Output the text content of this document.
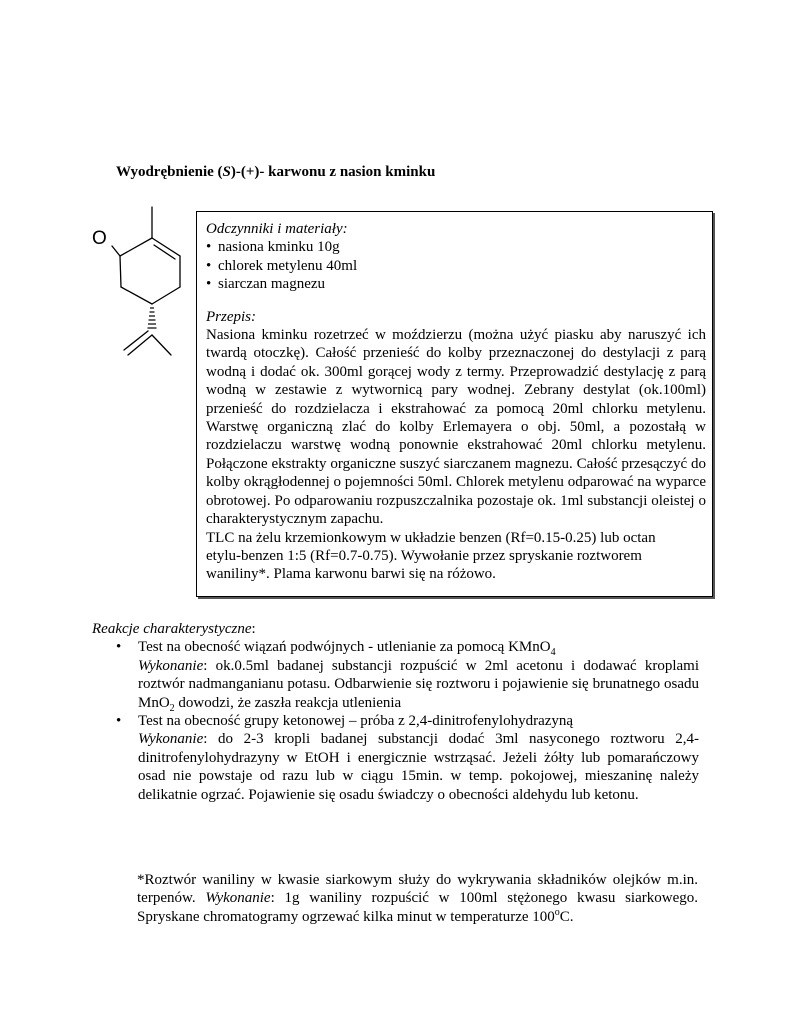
Wyodrębnienie (S)-(+)- karwonu z nasion kminku
O	Odczynniki i materiały:

• nasiona kminku 10g
• chlorek metylenu 40ml
• siarczan magnezu

Przepis:

Nasiona kminku rozetrzeć w moździerzu (można użyć piasku aby naruszyć ich twardą otoczkę). Całość przenieść do kolby przeznaczonej do destylacji z parą wodną i dodać ok. 300ml gorącej wody z termy. Przeprowadzić destylację z parą wodną w zestawie z wytwornicą pary wodnej. Zebrany destylat (ok.100ml) przenieść do rozdzielacza i ekstrahować za pomocą 20ml chlorku metylenu. Warstwę organiczną zlać do kolby Erlemayera o obj. 50ml, a pozostałą w rozdzielaczu warstwę wodną ponownie ekstrahować 20ml chlorku metylenu. Połączone ekstrakty organiczne suszyć siarczanem magnezu. Całość przesączyć do kolby okrągłodennej o pojemności 50ml. Chlorek metylenu odparować na wyparce obrotowej. Po odparowaniu rozpuszczalnika pozostaje ok. 1ml substancji oleistej o charakterystycznym zapachu.

TLC na żelu krzemionkowym w układzie benzen (Rf=0.15-0.25) lub octan

etylu-benzen 1:5 (Rf=0.7-0.75). Wywołanie przez spryskanie roztworem

waniliny*. Plama karwonu barwi się na różowo.

Reakcje charakterystyczne:

• Test na obecność wiązań podwójnych - utlenianie za pomocą KMnO$_4$
Wykonanie: ok.0.5ml badanej substancji rozpuścić w 2ml acetonu i dodawać kroplami roztwór nadmanganianu potasu. Odbarwienie się roztworu i pojawienie się brunatnego osadu MnO$_2$ dowodzi, że zaszła reakcja utlenienia
• Test na obecność grupy ketonowej – próba z 2,4-dinitrofenylohydrazyną
Wykonanie: do 2-3 kropli badanej substancji dodać 3ml nasyconego roztworu 2,4-dinitrofenylohydrazyny w EtOH i energicznie wstrząsać. Jeżeli żółty lub pomarańczowy osad nie powstaje od razu lub w ciągu 15min. w temp. pokojowej, mieszaninę należy delikatnie ogrzać. Pojawienie się osadu świadczy o obecności aldehydu lub ketonu.
*Roztwór waniliny w kwasie siarkowym służy do wykrywania składników olejków m.in. terpenów. Wykonanie: 1g waniliny rozpuścić w 100ml stężonego kwasu siarkowego. Spryskane chromatogramy ogrzewać kilka minut w temperaturze 100$^o$C.
